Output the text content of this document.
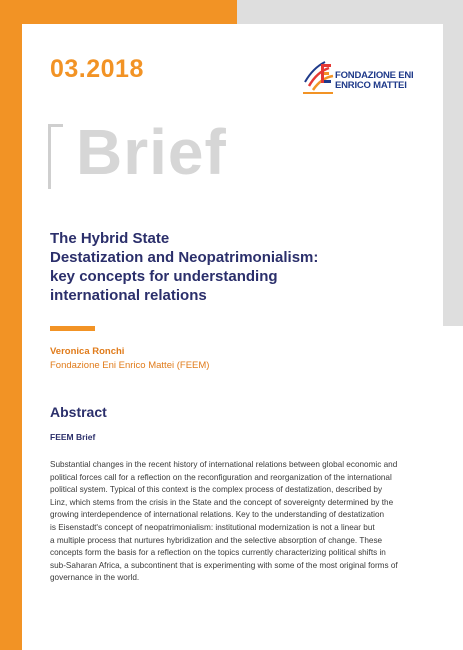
03.2018	FONDAZIONE ENI
ENRICO MATTEI
Brief
The Hybrid State
Destatization and Neopatrimonialism:
key concepts for understanding
international relations
Veronica Ronchi
Fondazione Eni Enrico Mattei (FEEM)
Abstract
FEEM Brief
Substantial changes in the recent history of international relations between global economic and
political forces call for a reflection on the reconfiguration and reorganization of the international
political system. Typical of this context is the complex process of destatization, described by
Linz, which stems from the crisis in the State and the concept of sovereignty determined by the
growing interdependence of international relations. Key to the understanding of destatization
is Eisenstadt's concept of neopatrimonialism: institutional modernization is not a linear but
a multiple process that nurtures hybridization and the selective absorption of change. These
concepts form the basis for a reflection on the topics currently characterizing political shifts in
sub-Saharan Africa, a subcontinent that is experimenting with some of the most original forms of
governance in the world.
